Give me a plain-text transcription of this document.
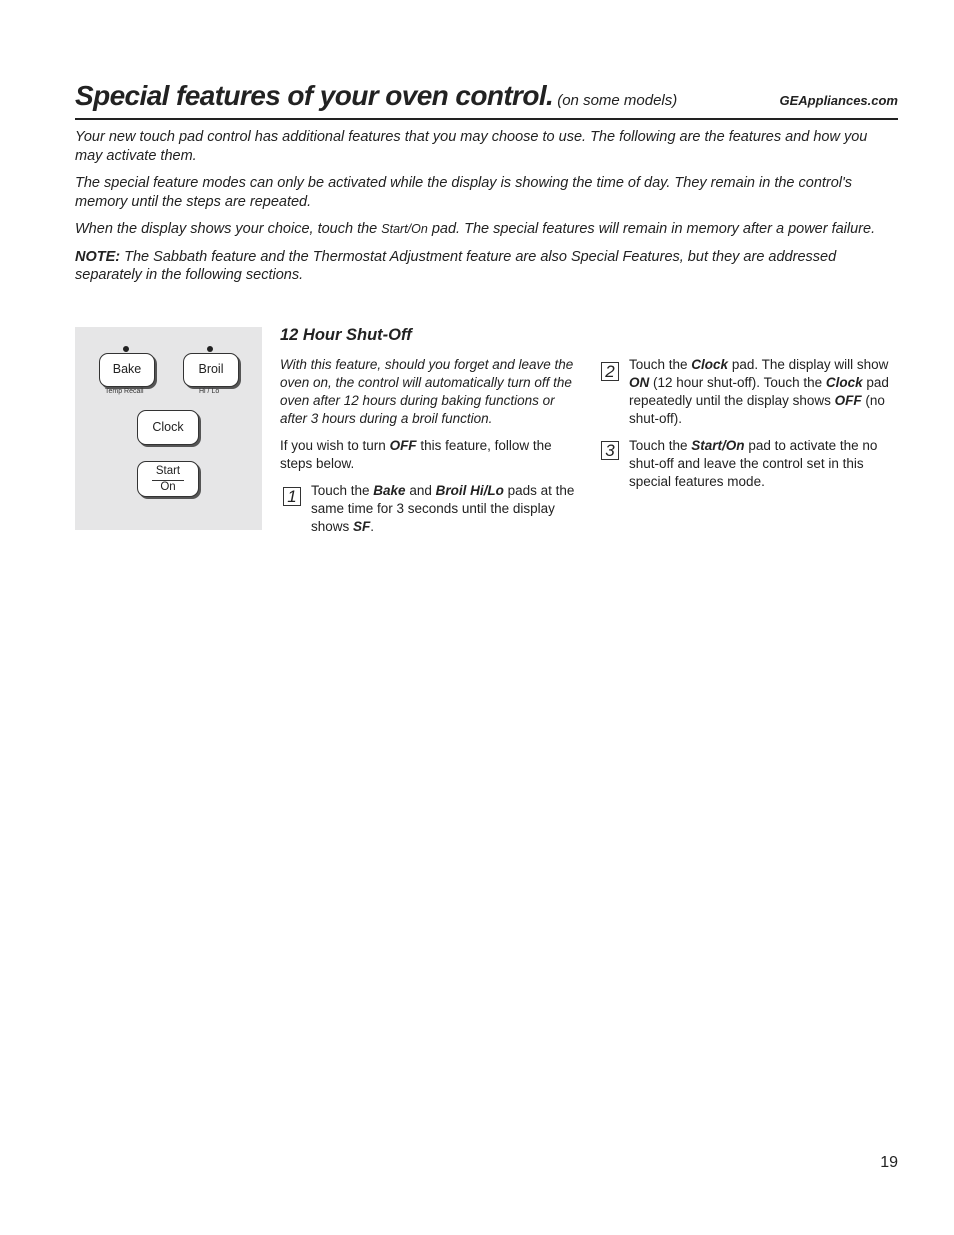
Special features of your oven control. (on some models)	GEAppliances.com

Your new touch pad control has additional features that you may choose to use. The following are the features and how you may activate them.

The special feature modes can only be activated while the display is showing the time of day. They remain in the control's memory until the steps are repeated.

When the display shows your choice, touch the Start/On pad. The special features will remain in memory after a power failure.

NOTE: The Sabbath feature and the Thermostat Adjustment feature are also Special Features, but they are addressed separately in the following sections.

Bake
Temp Recall
Broil
Hi / Lo
Clock
Start
On
12 Hour Shut-Off

With this feature, should you forget and leave the oven on, the control will automatically turn off the oven after 12 hours during baking functions or after 3 hours during a broil function.

If you wish to turn OFF this feature, follow the steps below.

1	Touch the Bake and Broil Hi/Lo pads at the same time for 3 seconds until the display shows SF.
2	Touch the Clock pad. The display will show ON (12 hour shut-off). Touch the Clock pad repeatedly until the display shows OFF (no shut-off).
3	Touch the Start/On pad to activate the no shut-off and leave the control set in this special features mode.
19
